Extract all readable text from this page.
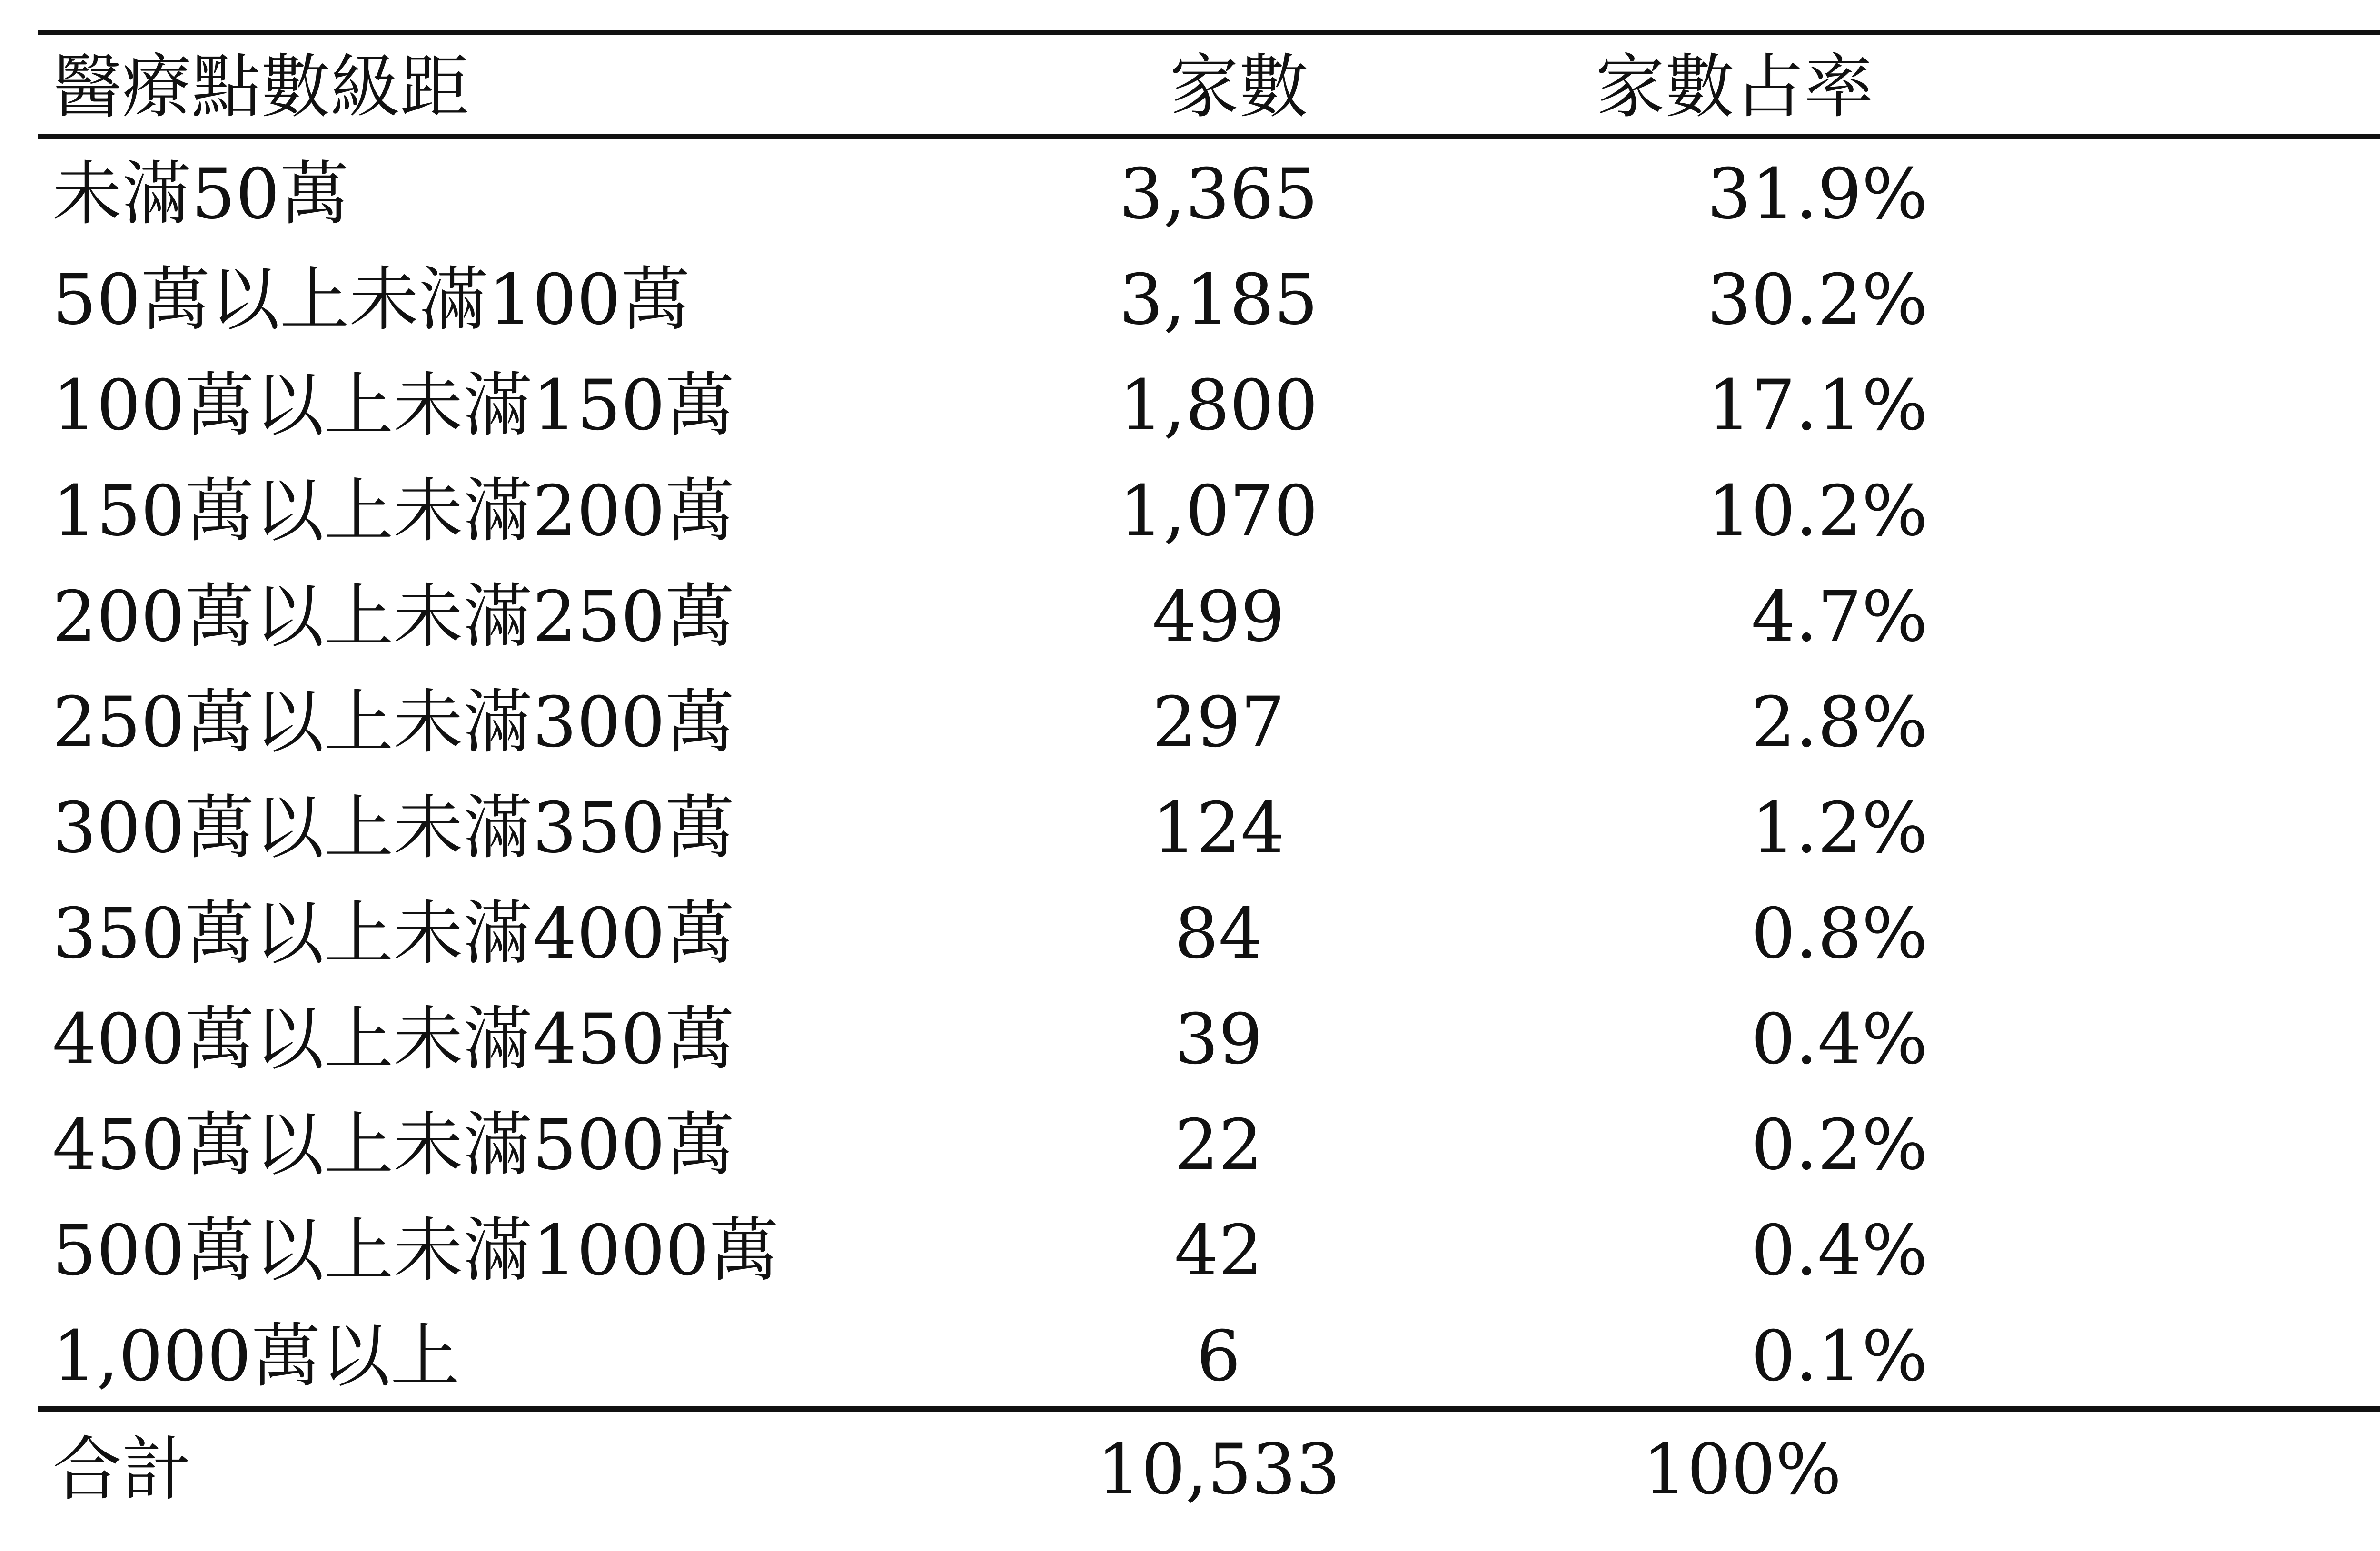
醫療點數級距	家數	家數占率
未滿50萬	3,365	31.9%
50萬以上未滿100萬	3,185	30.2%
100萬以上未滿150萬	1,800	17.1%
150萬以上未滿200萬	1,070	10.2%
200萬以上未滿250萬	499	4.7%
250萬以上未滿300萬	297	2.8%
300萬以上未滿350萬	124	1.2%
350萬以上未滿400萬	84	0.8%
400萬以上未滿450萬	39	0.4%
450萬以上未滿500萬	22	0.2%
500萬以上未滿1000萬	42	0.4%
1,000萬以上	6	0.1%
合計	10,533	100%
